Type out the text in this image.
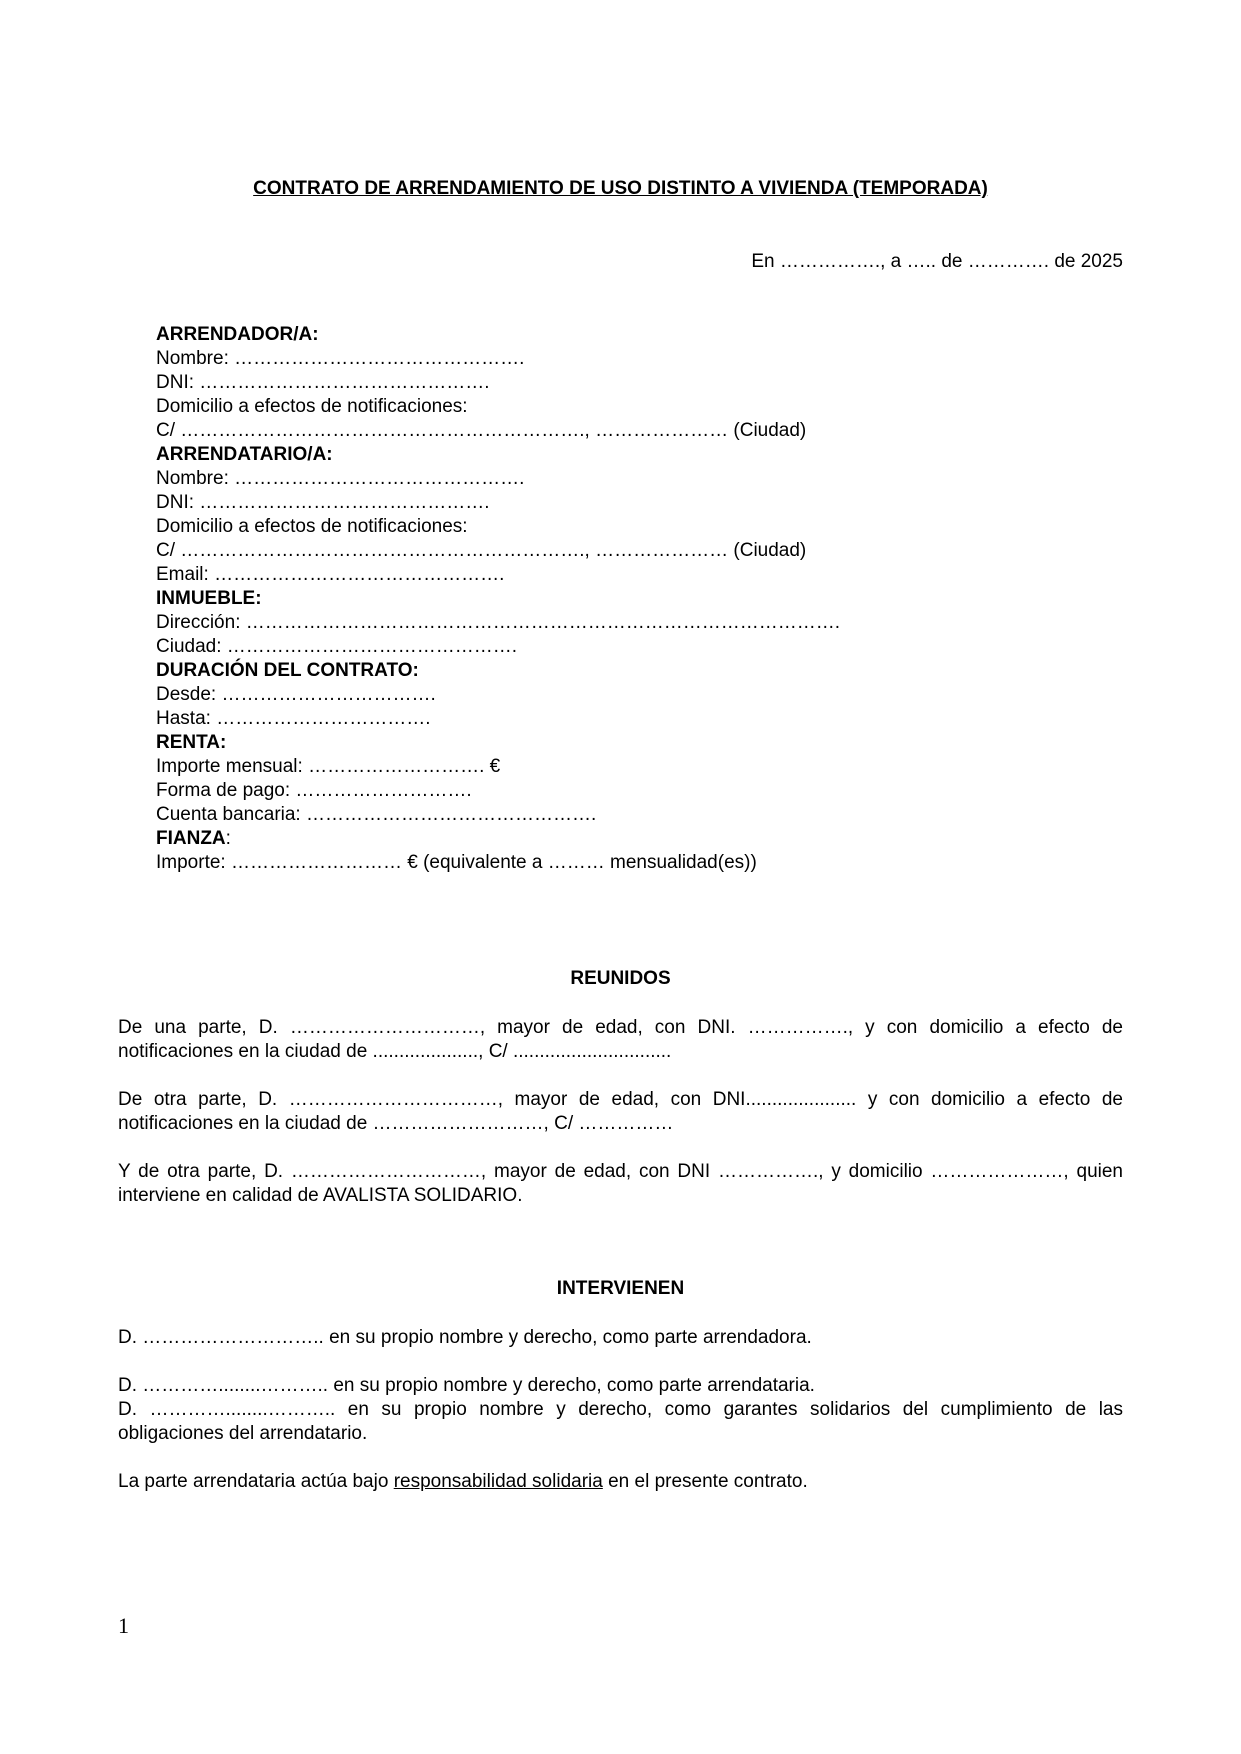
CONTRATO DE ARRENDAMIENTO DE USO DISTINTO A VIVIENDA (TEMPORADA)
En ……………., a ….. de …………. de 2025
ARRENDADOR/A:
Nombre: ……………………………………….
DNI: ……………………………………….
Domicilio a efectos de notificaciones:
C/ ………………………………………………………., ………………… (Ciudad)
ARRENDATARIO/A:
Nombre: ……………………………………….
DNI: ……………………………………….
Domicilio a efectos de notificaciones:
C/ ………………………………………………………., ………………… (Ciudad)
Email: ……………………………………….
INMUEBLE:
Dirección: ………………………………………………………………………………….
Ciudad: ……………………………………….
DURACIÓN DEL CONTRATO:
Desde: …………………………….
Hasta: …………………………….
RENTA:
Importe mensual: ………………………. €
Forma de pago: ……………………….
Cuenta bancaria: ……………………………………….
FIANZA:
Importe: ……………………… € (equivalente a ……… mensualidad(es))
REUNIDOS

De una parte, D. …………………………, mayor de edad, con DNI. ……………., y con domicilio a efecto de notificaciones en la ciudad de ...................., C/ ..............................

De otra parte, D. ……………………………, mayor de edad, con DNI..................... y con domicilio a efecto de notificaciones en la ciudad de ………………………, C/ ……………

Y de otra parte, D. …………………………, mayor de edad, con DNI ……………., y domicilio …………………, quien interviene en calidad de AVALISTA SOLIDARIO.

INTERVIENEN

D. ……………………….. en su propio nombre y derecho, como parte arrendadora.

D. …………........……….. en su propio nombre y derecho, como parte arrendataria.

D. …………........……….. en su propio nombre y derecho, como garantes solidarios del cumplimiento de las obligaciones del arrendatario.

La parte arrendataria actúa bajo responsabilidad solidaria en el presente contrato.

1
